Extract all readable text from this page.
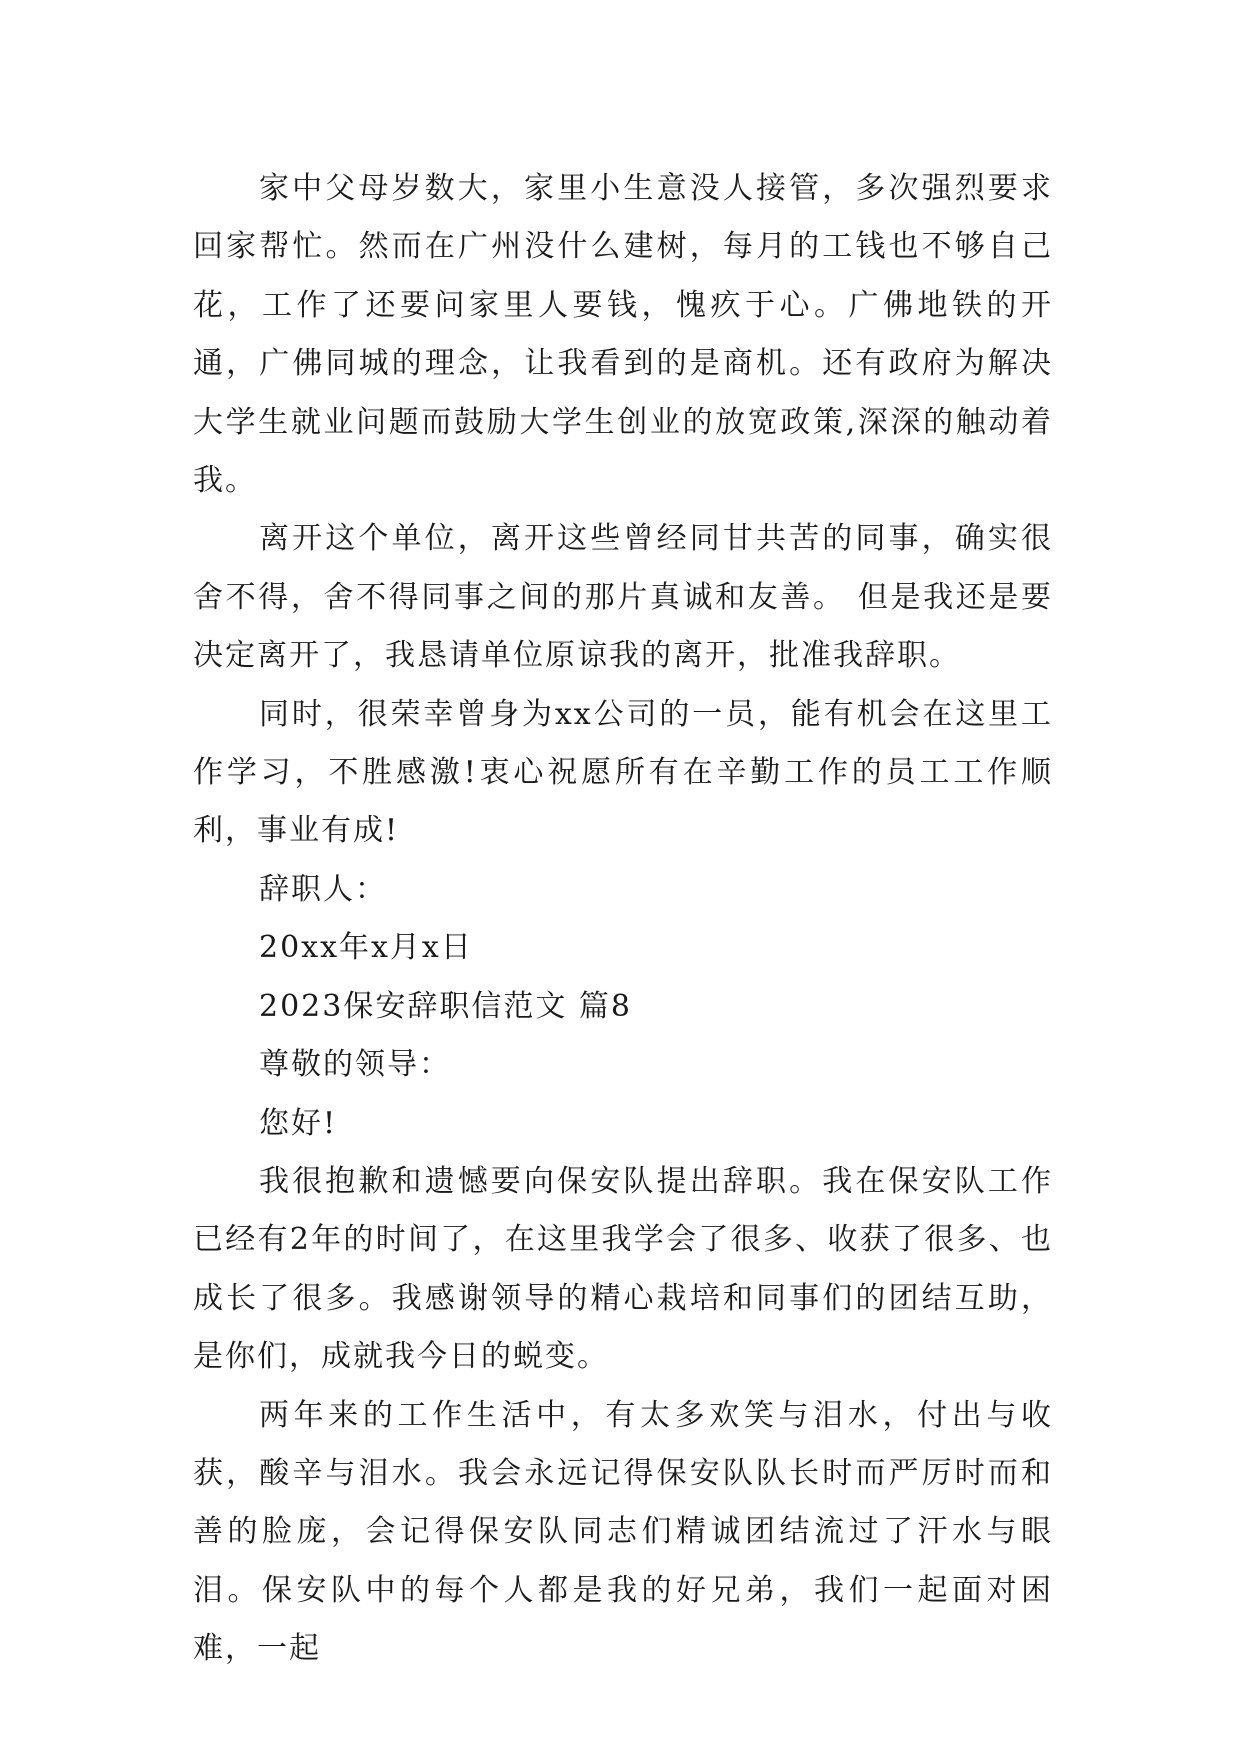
家中父母岁数大，家里小生意没人接管，多次强烈要求回家帮忙。然而在广州没什么建树，每月的工钱也不够自己花，工作了还要问家里人要钱，愧疚于心。广佛地铁的开通，广佛同城的理念，让我看到的是商机。还有政府为解决大学生就业问题而鼓励大学生创业的放宽政策,深深的触动着我。

离开这个单位，离开这些曾经同甘共苦的同事，确实很舍不得，舍不得同事之间的那片真诚和友善。 但是我还是要决定离开了，我恳请单位原谅我的离开，批准我辞职。

同时，很荣幸曾身为xx公司的一员，能有机会在这里工作学习，不胜感激!衷心祝愿所有在辛勤工作的员工工作顺利，事业有成!

辞职人：

20xx年x月x日

2023保安辞职信范文 篇8

尊敬的领导：

您好!

我很抱歉和遗憾要向保安队提出辞职。我在保安队工作已经有2年的时间了，在这里我学会了很多、收获了很多、也成长了很多。我感谢领导的精心栽培和同事们的团结互助，是你们，成就我今日的蜕变。

两年来的工作生活中，有太多欢笑与泪水，付出与收获，酸辛与泪水。我会永远记得保安队队长时而严厉时而和善的脸庞，会记得保安队同志们精诚团结流过了汗水与眼泪。保安队中的每个人都是我的好兄弟，我们一起面对困难，一起
